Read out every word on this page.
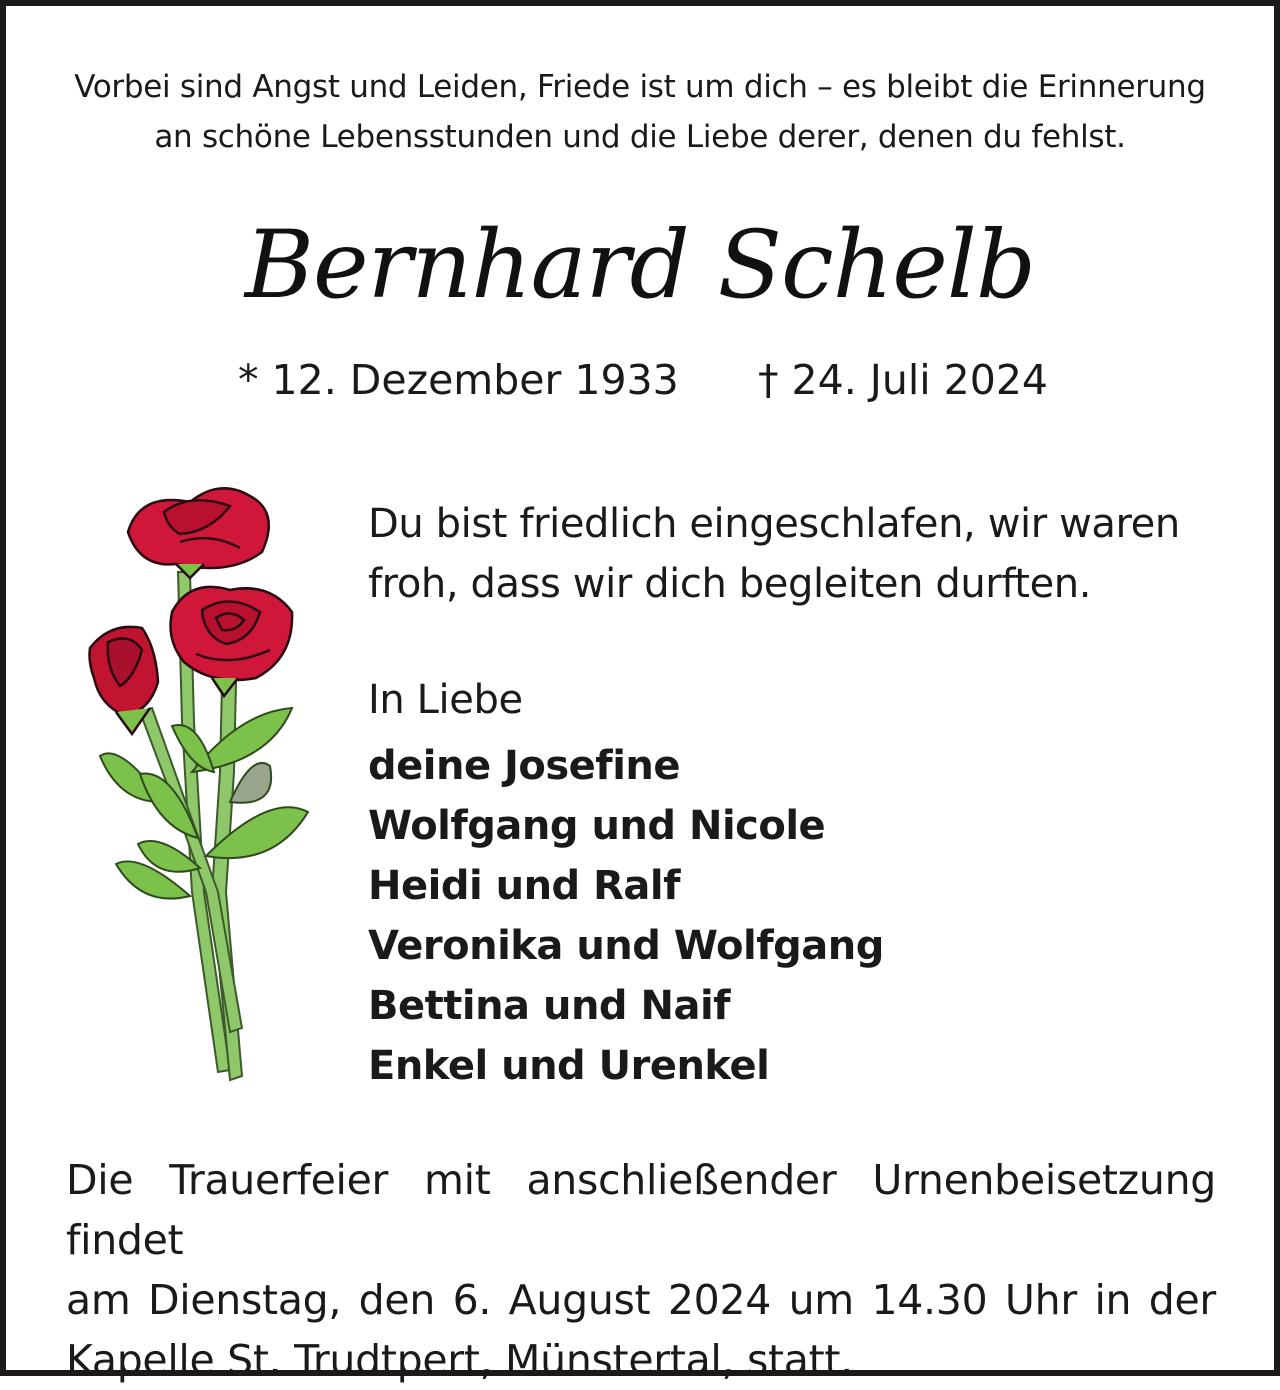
Vorbei sind Angst und Leiden, Friede ist um dich – es bleibt die Erinnerung
an schöne Lebensstunden und die Liebe derer, denen du fehlst.
Bernhard Schelb
* 12. Dezember 1933 † 24. Juli 2024
Du bist friedlich eingeschlafen, wir waren
froh, dass wir dich begleiten durften.
In Liebe
deine Josefine
Wolfgang und Nicole
Heidi und Ralf
Veronika und Wolfgang
Bettina und Naif
Enkel und Urenkel
Die Trauerfeier mit anschließender Urnenbeisetzung findet
am Dienstag, den 6. August 2024 um 14.30 Uhr in der
Kapelle St. Trudtpert, Münstertal, statt.
